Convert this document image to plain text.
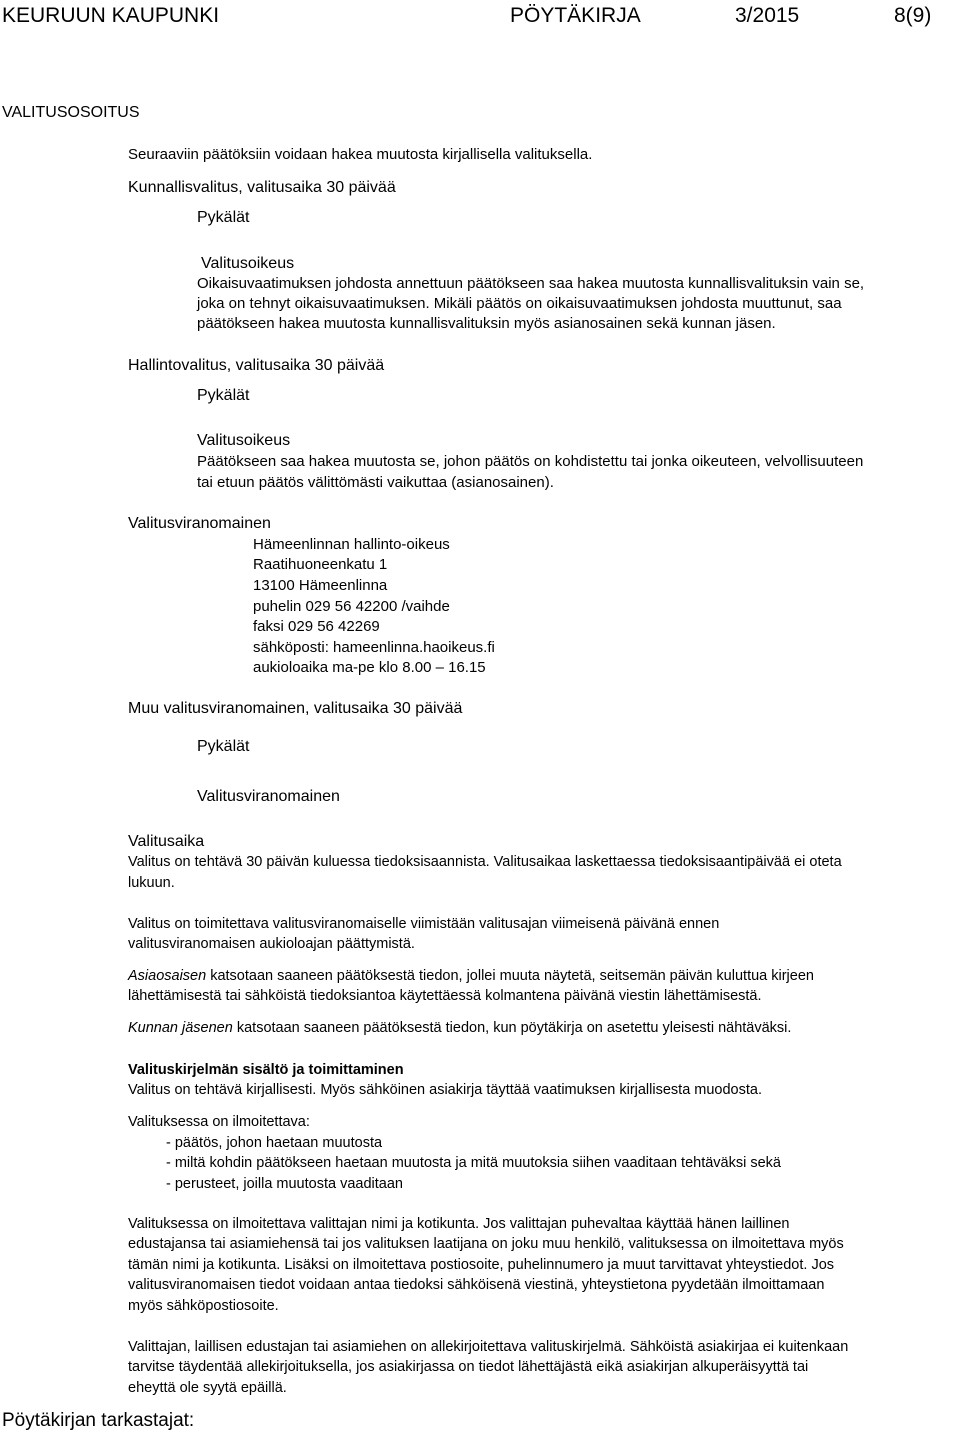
KEURUUN KAUPUNKI	PÖYTÄKIRJA	3/2015	8(9)
VALITUSOSOITUS
Seuraaviin päätöksiin voidaan hakea muutosta kirjallisella valituksella.
Kunnallisvalitus, valitusaika 30 päivää
Pykälät
Valitusoikeus
Oikaisuvaatimuksen johdosta annettuun päätökseen saa hakea muutosta kunnallisvalituksin vain se,
joka on tehnyt oikaisuvaatimuksen. Mikäli päätös on oikaisuvaatimuksen johdosta muuttunut, saa
päätökseen hakea muutosta kunnallisvalituksin myös asianosainen sekä kunnan jäsen.
Hallintovalitus, valitusaika 30 päivää
Pykälät
Valitusoikeus
Päätökseen saa hakea muutosta se, johon päätös on kohdistettu tai jonka oikeuteen, velvollisuuteen
tai etuun päätös välittömästi vaikuttaa (asianosainen).
Valitusviranomainen
Hämeenlinnan hallinto-oikeus
Raatihuoneenkatu 1
13100 Hämeenlinna
puhelin 029 56 42200 /vaihde
faksi 029 56 42269
sähköposti: hameenlinna.haoikeus.fi
aukioloaika ma-pe klo 8.00 – 16.15
Muu valitusviranomainen, valitusaika 30 päivää
Pykälät
Valitusviranomainen
Valitusaika
Valitus on tehtävä 30 päivän kuluessa tiedoksisaannista. Valitusaikaa laskettaessa tiedoksisaantipäivää ei oteta
lukuun.
Valitus on toimitettava valitusviranomaiselle viimistään valitusajan viimeisenä päivänä ennen
valitusviranomaisen aukioloajan päättymistä.
Asiaosaisen katsotaan saaneen päätöksestä tiedon, jollei muuta näytetä, seitsemän päivän kuluttua kirjeen
lähettämisestä tai sähköistä tiedoksiantoa käytettäessä kolmantena päivänä viestin lähettämisestä.
Kunnan jäsenen katsotaan saaneen päätöksestä tiedon, kun pöytäkirja on asetettu yleisesti nähtäväksi.
Valituskirjelmän sisältö ja toimittaminen
Valitus on tehtävä kirjallisesti. Myös sähköinen asiakirja täyttää vaatimuksen kirjallisesta muodosta.
Valituksessa on ilmoitettava:
- päätös, johon haetaan muutosta
- miltä kohdin päätökseen haetaan muutosta ja mitä muutoksia siihen vaaditaan tehtäväksi sekä
- perusteet, joilla muutosta vaaditaan
Valituksessa on ilmoitettava valittajan nimi ja kotikunta. Jos valittajan puhevaltaa käyttää hänen laillinen
edustajansa tai asiamiehensä tai jos valituksen laatijana on joku muu henkilö, valituksessa on ilmoitettava myös
tämän nimi ja kotikunta. Lisäksi on ilmoitettava postiosoite, puhelinnumero ja muut tarvittavat yhteystiedot. Jos
valitusviranomaisen tiedot voidaan antaa tiedoksi sähköisenä viestinä, yhteystietona pyydetään ilmoittamaan
myös sähköpostiosoite.
Valittajan, laillisen edustajan tai asiamiehen on allekirjoitettava valituskirjelmä. Sähköistä asiakirjaa ei kuitenkaan
tarvitse täydentää allekirjoituksella, jos asiakirjassa on tiedot lähettäjästä eikä asiakirjan alkuperäisyyttä tai
eheyttä ole syytä epäillä.
Pöytäkirjan tarkastajat:
